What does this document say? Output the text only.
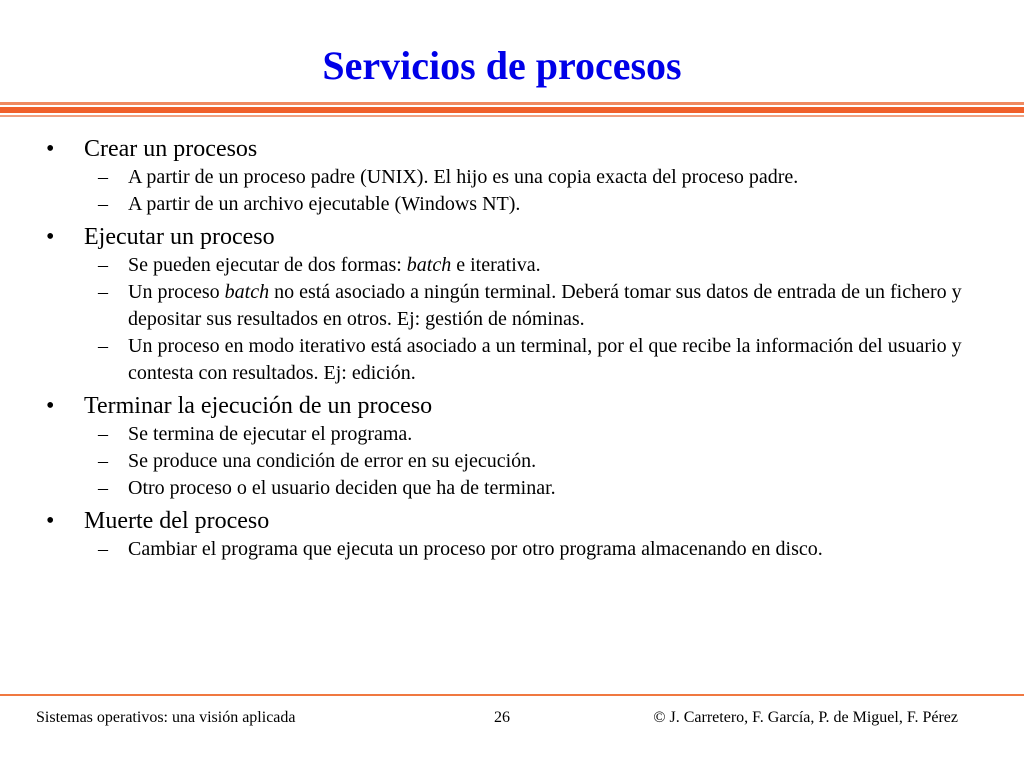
Servicios de procesos
•	Crear un procesos
– A partir de un proceso padre (UNIX). El hijo es una copia exacta del proceso padre.
– A partir de un archivo ejecutable (Windows NT).
•	Ejecutar un proceso
– Se pueden ejecutar de dos formas: batch e iterativa.
– Un proceso batch no está asociado a ningún terminal. Deberá tomar sus datos de entrada de un fichero y depositar sus resultados en otros. Ej: gestión de nóminas.
– Un proceso en modo iterativo está asociado a un terminal, por el que recibe la información del usuario y contesta con resultados. Ej: edición.
•	Terminar la ejecución de un proceso
– Se termina de ejecutar el programa.
– Se produce una condición de error en su ejecución.
– Otro proceso o el usuario deciden que ha de terminar.
•	Muerte del proceso
– Cambiar el programa que ejecuta un proceso por otro programa almacenando en disco.
Sistemas operativos: una visión aplicada	26	© J. Carretero, F. García, P. de Miguel, F. Pérez
